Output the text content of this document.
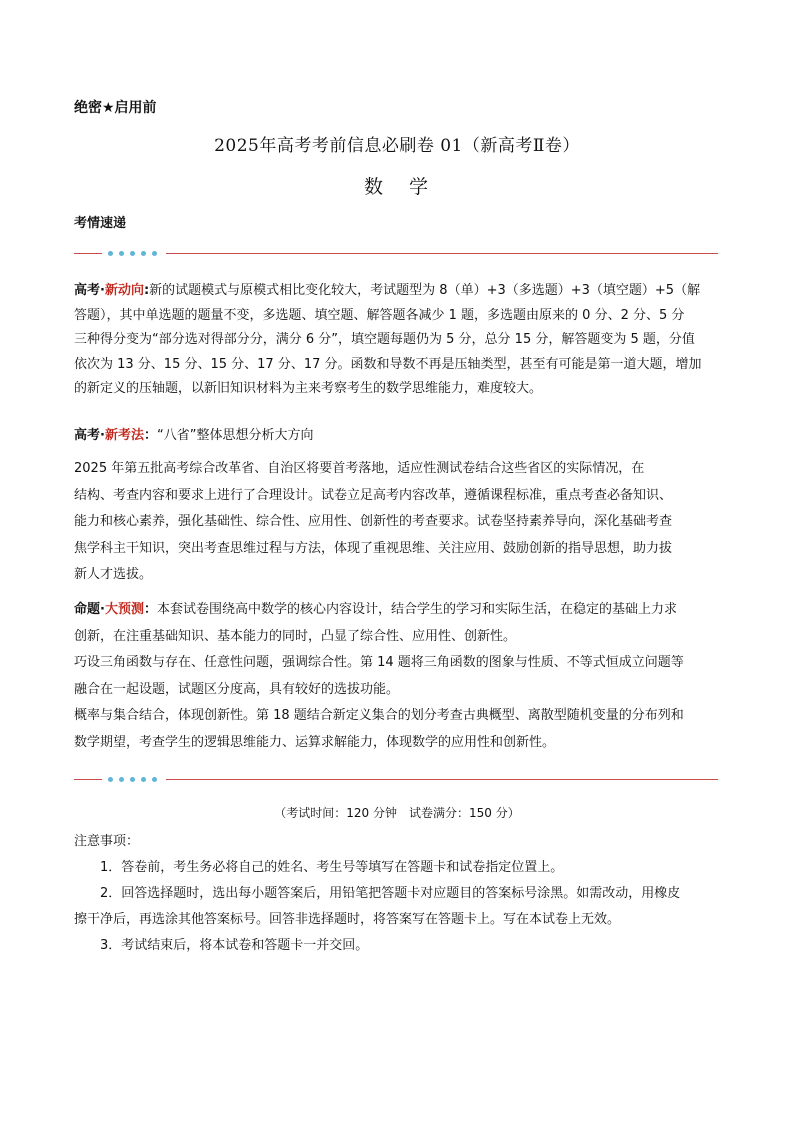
绝密★启用前
2025年高考考前信息必刷卷 01（新高考Ⅱ卷）
数 学
考情速递
高考·新动向:新的试题模式与原模式相比变化较大，考试题型为 8（单）+3（多选题）+3（填空题）+5（解
答题），其中单选题的题量不变，多选题、填空题、解答题各减少 1 题，多选题由原来的 0 分、2 分、5 分
三种得分变为“部分选对得部分分，满分 6 分”，填空题每题仍为 5 分，总分 15 分，解答题变为 5 题，分值
依次为 13 分、15 分、15 分、17 分、17 分。函数和导数不再是压轴类型，甚至有可能是第一道大题，增加
的新定义的压轴题，以新旧知识材料为主来考察考生的数学思维能力，难度较大。
高考·新考法：“八省”整体思想分析大方向
2025 年第五批高考综合改革省、自治区将要首考落地，适应性测试卷结合这些省区的实际情况，在
结构、考查内容和要求上进行了合理设计。试卷立足高考内容改革，遵循课程标准，重点考查必备知识、
能力和核心素养，强化基础性、综合性、应用性、创新性的考查要求。试卷坚持素养导向，深化基础考查
焦学科主干知识，突出考查思维过程与方法，体现了重视思维、关注应用、鼓励创新的指导思想，助力拔
新人才选拔。
命题·大预测：本套试卷围绕高中数学的核心内容设计，结合学生的学习和实际生活，在稳定的基础上力求
创新，在注重基础知识、基本能力的同时，凸显了综合性、应用性、创新性。
巧设三角函数与存在、任意性问题，强调综合性。第 14 题将三角函数的图象与性质、不等式恒成立问题等
融合在一起设题，试题区分度高，具有较好的选拔功能。
概率与集合结合，体现创新性。第 18 题结合新定义集合的划分考查古典概型、离散型随机变量的分布列和
数学期望，考查学生的逻辑思维能力、运算求解能力，体现数学的应用性和创新性。
（考试时间：120 分钟　试卷满分：150 分）
注意事项：
1．答卷前，考生务必将自己的姓名、考生号等填写在答题卡和试卷指定位置上。
2．回答选择题时，选出每小题答案后，用铅笔把答题卡对应题目的答案标号涂黑。如需改动，用橡皮
擦干净后，再选涂其他答案标号。回答非选择题时，将答案写在答题卡上。写在本试卷上无效。
3．考试结束后，将本试卷和答题卡一并交回。
